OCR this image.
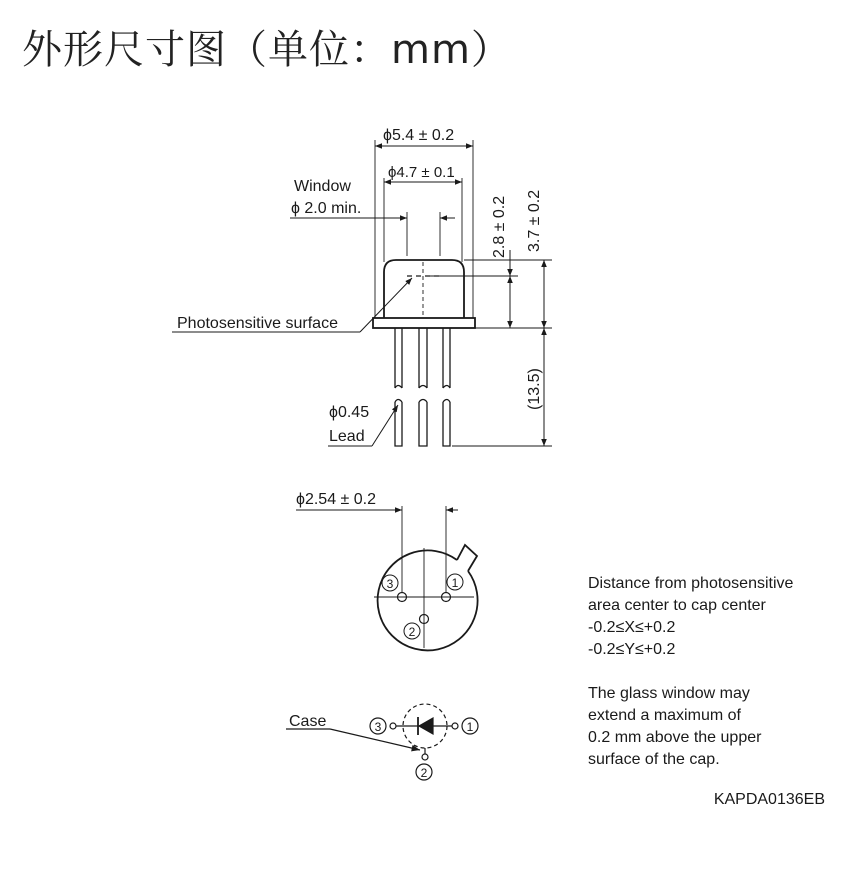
外形尺寸图（单位：mm）
ϕ5.4 ± 0.2
ϕ4.7 ± 0.1
Window
ϕ 2.0 min.	2.8 ± 0.2 3.7 ± 0.2
(13.5)
Photosensitive surface
ϕ0.45
Lead
ϕ2.54 ± 0.2
1
3
2
Case	3	1
2
Distance from photosensitive
area center to cap center
-0.2≤X≤+0.2
-0.2≤Y≤+0.2
The glass window may
extend a maximum of
0.2 mm above the upper
surface of the cap.
KAPDA0136EB
